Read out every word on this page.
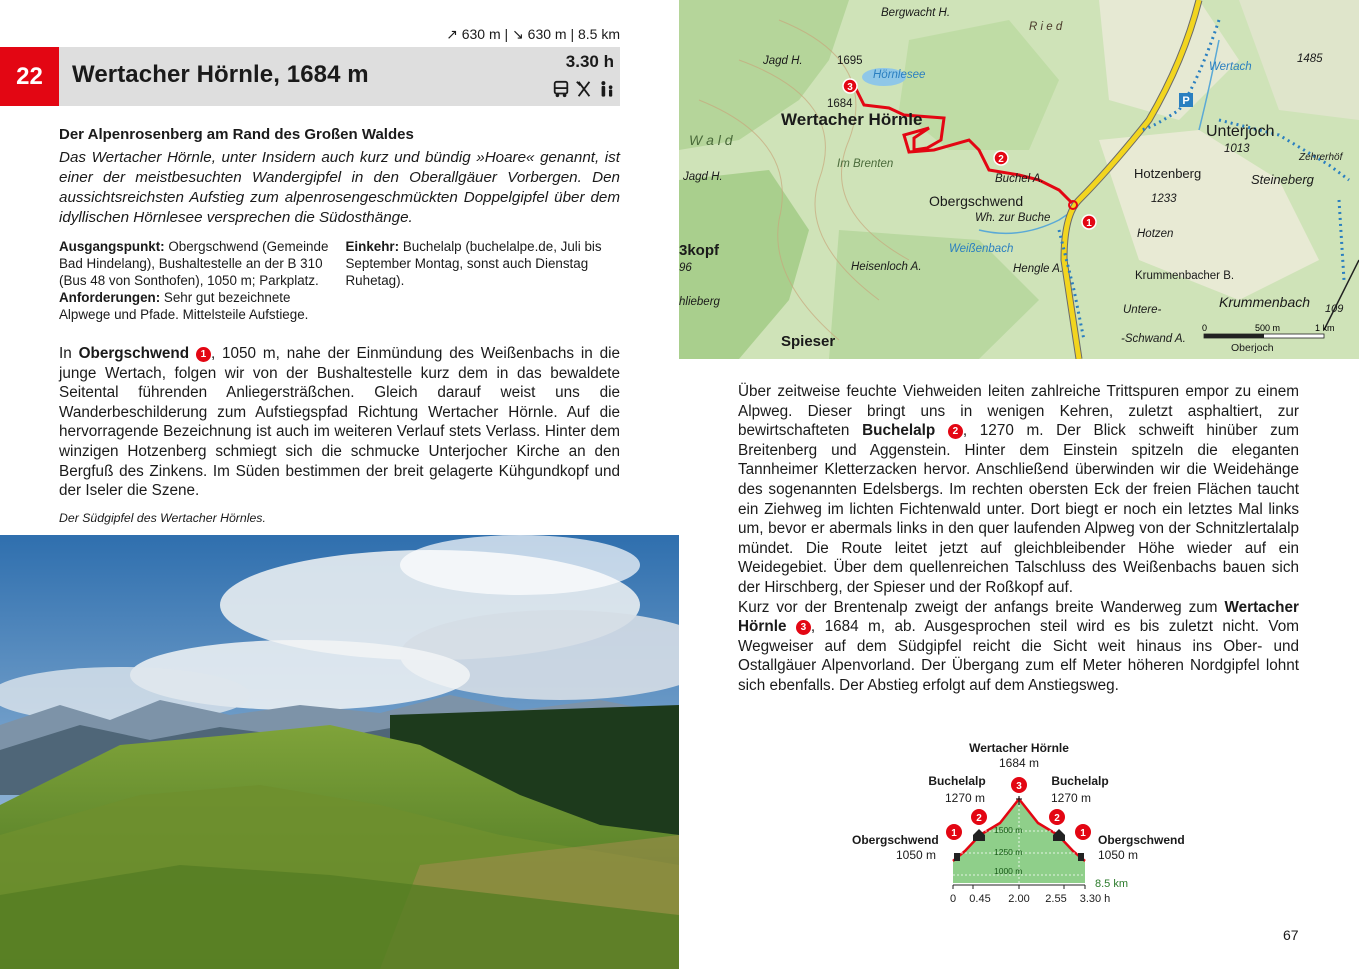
↗ 630 m | ↘ 630 m | 8.5 km
22	Wertacher Hörnle, 1684 m	3.30 h
Der Alpenrosenberg am Rand des Großen Waldes
Das Wertacher Hörnle, unter Insidern auch kurz und bündig »Hoare« genannt, ist einer der meistbesuchten Wandergipfel in den Oberallgäuer Vorbergen. Den aussichtsreichsten Aufstieg zum alpenrosengeschmückten Doppelgipfel über dem idyllischen Hörnlesee versprechen die Südosthänge.
Ausgangspunkt: Obergschwend (Gemeinde Bad Hindelang), Bushaltestelle an der B 310 (Bus 48 von Sonthofen), 1050 m; Parkplatz.
Anforderungen: Sehr gut bezeichnete Alpwege und Pfade. Mittelsteile Aufstiege.
Einkehr: Buchelalp (buchelalpe.de, Juli bis September Montag, sonst auch Dienstag Ruhetag).
In Obergschwend 1 , 1050 m, nahe der Einmündung des Weißenbachs in die junge Wertach, folgen wir von der Bushaltestelle kurz dem in das bewaldete Seitental führenden Anliegersträßchen. Gleich darauf weist uns die Wanderbeschilderung zum Aufstiegspfad Richtung Wertacher Hörnle. Auf die hervorragende Bezeichnung ist auch im weiteren Verlauf stets Verlass. Hinter dem winzigen Hotzenberg schmiegt sich die schmucke Unterjocher Kirche an den Bergfuß des Zinkens. Im Süden bestimmen der breit gelagerte Kühgundkopf und der Iseler die Szene.
Der Südgipfel des Wertacher Hörnles.
3
2
1
P
Bergwacht H.
Jagd H.	1695
Hörnlesee
1684
Wertacher Hörnle
W a l d
Im Brenten
Jagd H.	Buchel A.
Obergschwend
Wh. zur Buche
3kopf
96	Heisenloch A.
Weißenbach
Hengle A.
hlieberg
Spieser
Unterjoch
1013
Hotzenberg
1233
Hotzen
Krummenbacher B.
Untere-
-Schwand A.
Krummenbach
Steineberg
Zehrerhöf
1485
Wertach
R i e d
Oberjoch
109
0	500 m	1 km

Über zeitweise feuchte Viehweiden leiten zahlreiche Trittspuren empor zu einem Alpweg. Dieser bringt uns in wenigen Kehren, zuletzt asphaltiert, zur bewirtschafteten Buchelalp 2 , 1270 m. Der Blick schweift hinüber zum Breitenberg und Aggenstein. Hinter dem Einstein spitzeln die eleganten Tannheimer Kletterzacken hervor. Anschließend überwinden wir die Weidehänge des sogenannten Edelsbergs. Im rechten obersten Eck der freien Flächen taucht ein Ziehweg im lichten Fichtenwald unter. Dort biegt er noch ein letztes Mal links um, bevor er abermals links in den quer laufenden Alpweg von der Schnitzlertalalp mündet. Die Route leitet jetzt auf gleichbleibender Höhe wieder auf ein Weidegebiet. Über dem quellenreichen Talschluss des Weißenbachs bauen sich der Hirschberg, der Spieser und der Roßkopf auf.

Kurz vor der Brentenalp zweigt der anfangs breite Wanderweg zum Wertacher Hörnle 3 , 1684 m, ab. Ausgesprochen steil wird es bis zuletzt nicht. Vom Wegweiser auf dem Südgipfel reicht die Sicht weit hinaus ins Ober- und Ostallgäuer Alpenvorland. Der Übergang zum elf Meter höheren Nordgipfel lohnt sich ebenfalls. Der Abstieg erfolgt auf dem Anstiegsweg.

1500 m
1250 m
1000 m
0 0.45 2.00 2.55 3.30 h
8.5 km
1
2
3
2
1
Wertacher Hörnle
1684 m
Buchelalp
1270 m
Buchelalp
1270 m
Obergschwend
1050 m
Obergschwend
1050 m
67
